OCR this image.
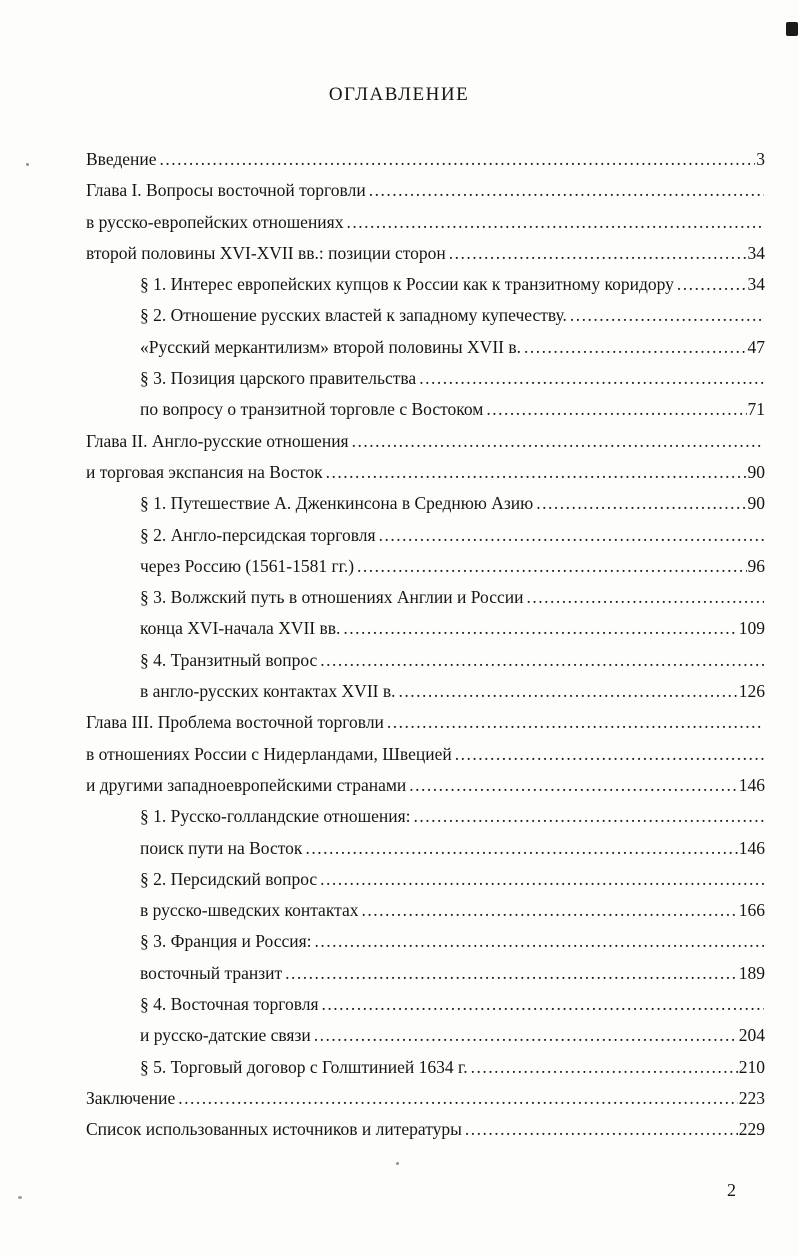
ОГЛАВЛЕНИЕ
Введение .....	3
Глава I. Вопросы восточной торговли
.....
в русско-европейских отношениях
.....
второй половины XVI-XVII вв.: позиции сторон .....	34
§ 1. Интерес европейских купцов к России как к транзитному коридору .....	34
§ 2. Отношение русских властей к западному купечеству.
.....
«Русский меркантилизм» второй половины XVII в. .....	47
§ 3. Позиция царского правительства
.....
по вопросу о транзитной торговле с Востоком .....	71
Глава II. Англо-русские отношения
.....
и торговая экспансия на Восток .....	90
§ 1. Путешествие А. Дженкинсона в Среднюю Азию .....	90
§ 2. Англо-персидская торговля
.....
через Россию (1561-1581 гг.) .....	96
§ 3. Волжский путь в отношениях Англии и России
.....
конца XVI-начала XVII вв. .....	109
§ 4. Транзитный вопрос
.....
в англо-русских контактах XVII в. .....	126
Глава III. Проблема восточной торговли
.....
в отношениях России с Нидерландами, Швецией
.....
и другими западноевропейскими странами .....	146
§ 1. Русско-голландские отношения:
.....
поиск пути на Восток .....	146
§ 2. Персидский вопрос
.....
в русско-шведских контактах .....	166
§ 3. Франция и Россия:
.....
восточный транзит .....	189
§ 4. Восточная торговля
.....
и русско-датские связи .....	204
§ 5. Торговый договор с Голштинией 1634 г. .....	210
Заключение .....	223
Список использованных источников и литературы .....	229
2
